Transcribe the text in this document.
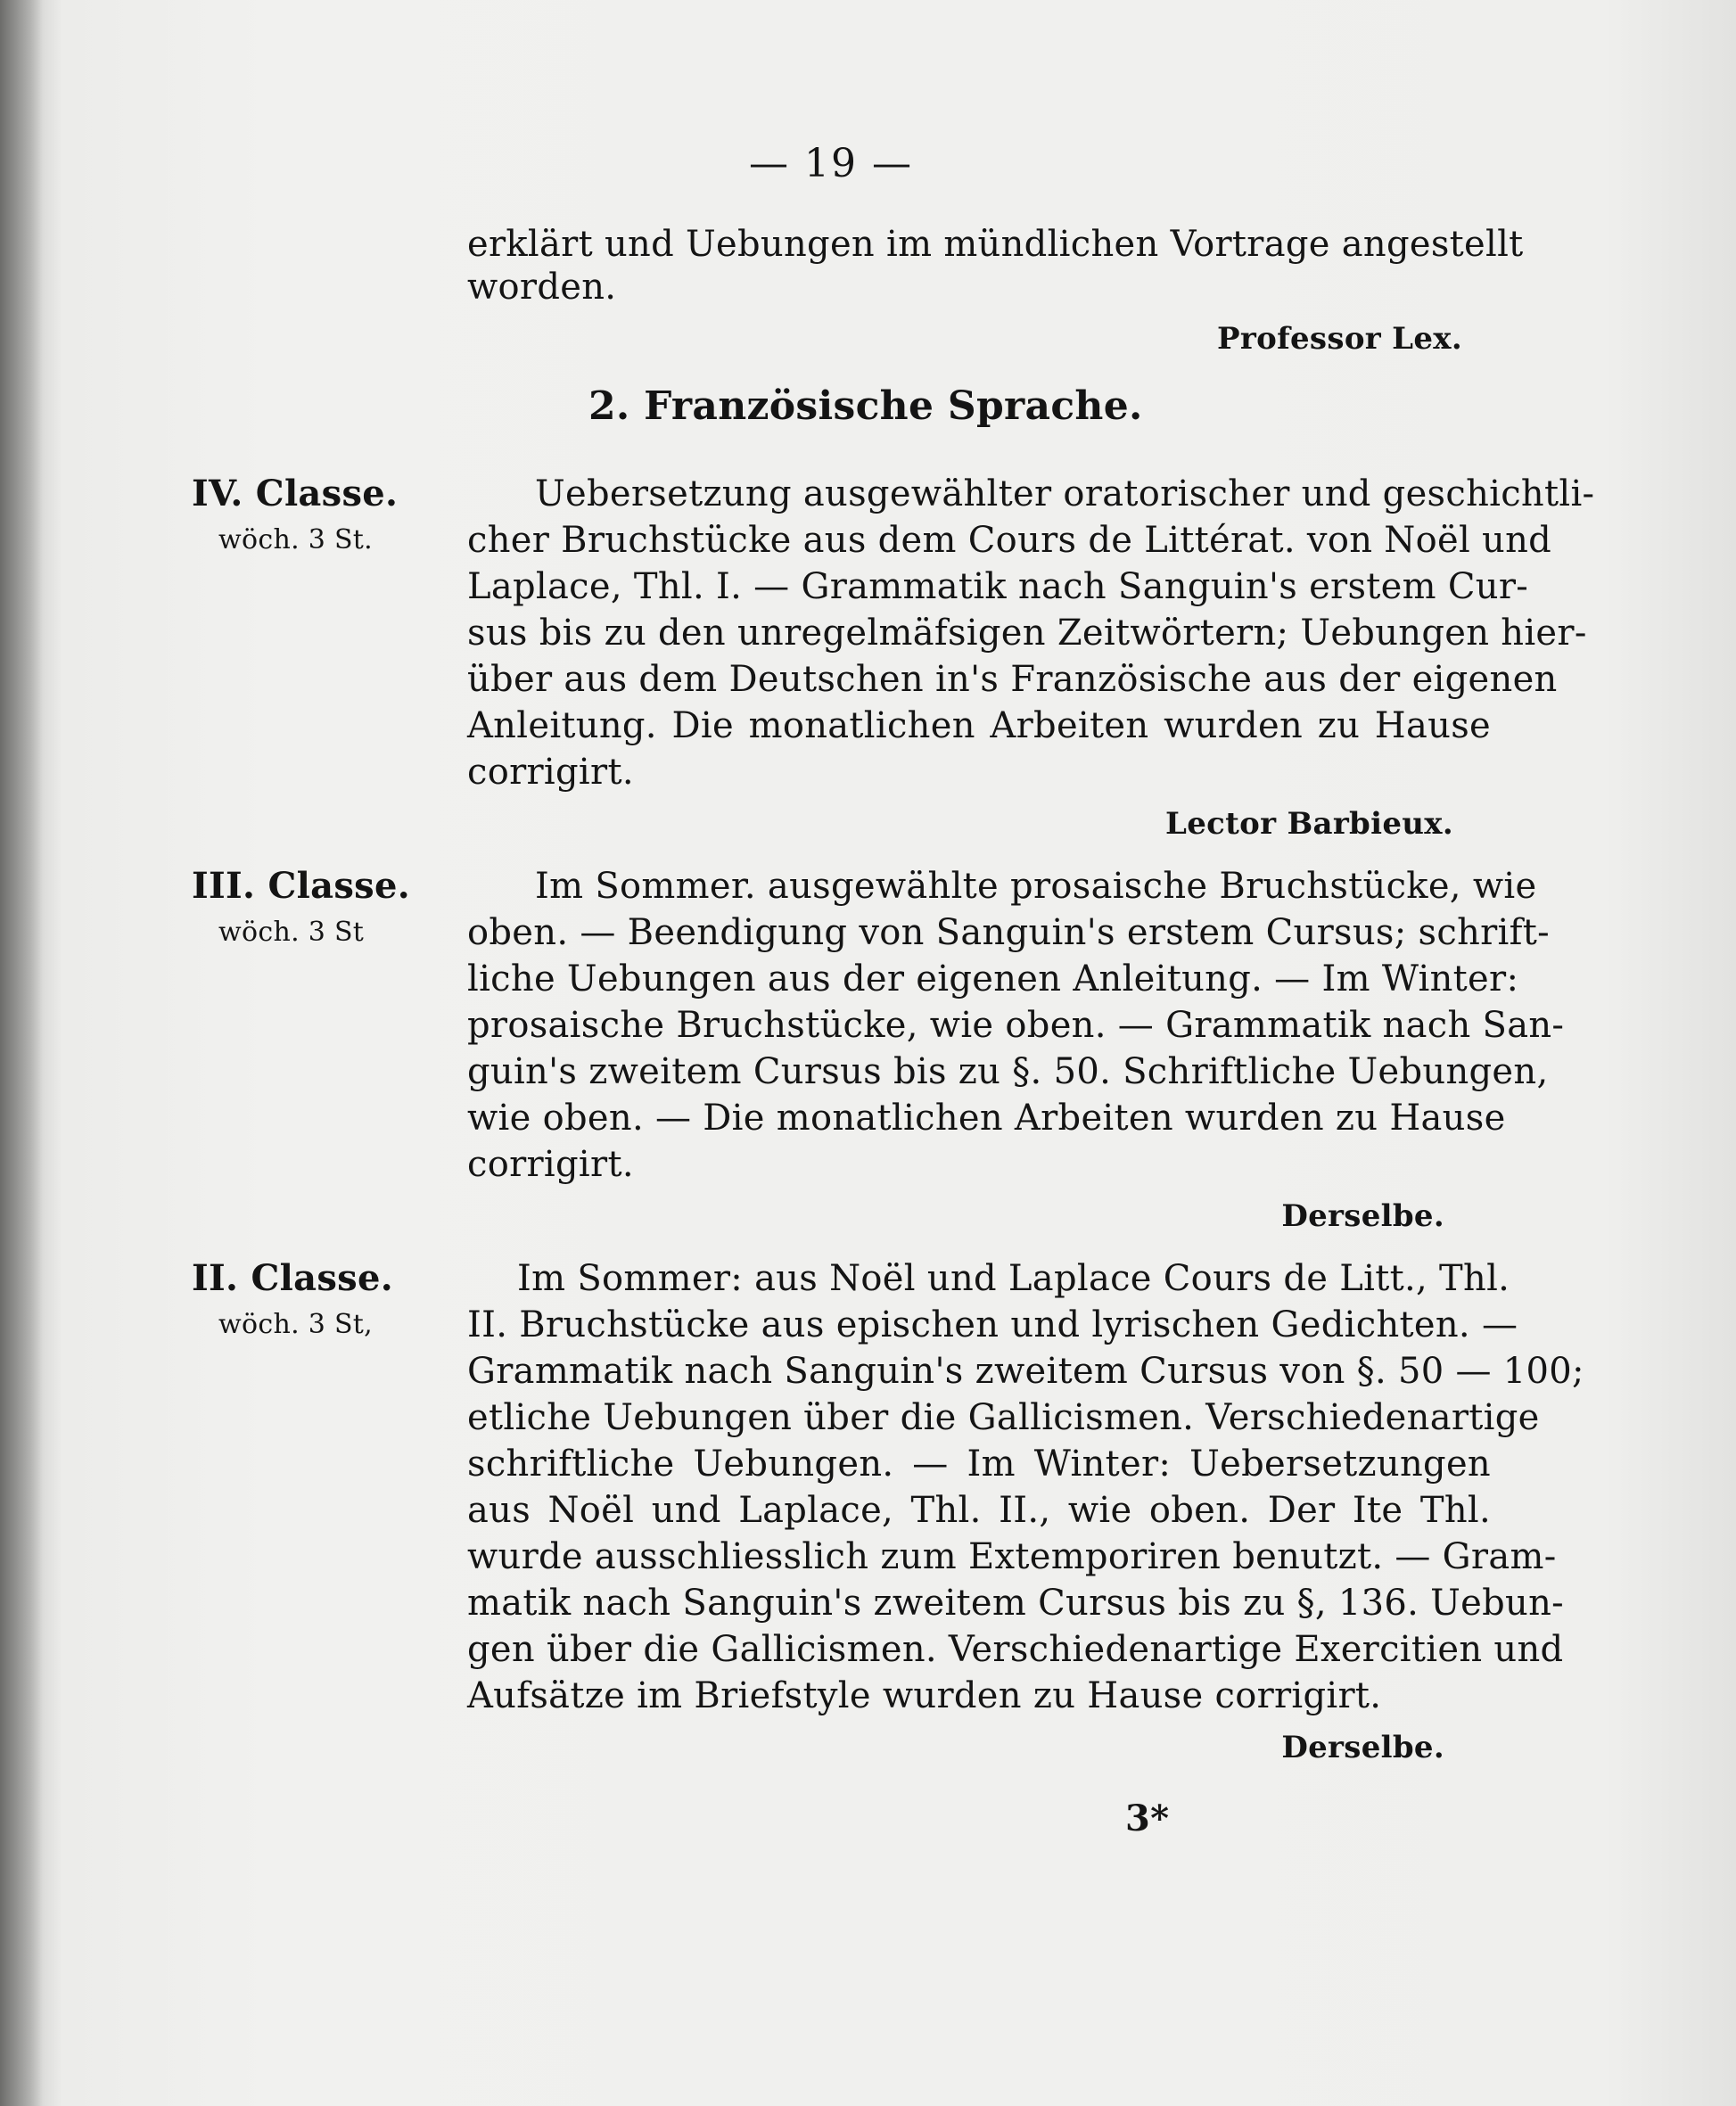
— 19 —
erklärt und Uebungen im mündlichen Vortrage angestellt
worden.
Professor Lex.
2. Französische Sprache.
IV. Classe.
wöch. 3 St.
Uebersetzung ausgewählter oratorischer und geschichtli-
cher Bruchstücke aus dem Cours de Littérat. von Noël und
Laplace, Thl. I. — Grammatik nach Sanguin's erstem Cur-
sus bis zu den unregelmäfsigen Zeitwörtern; Uebungen hier-
über aus dem Deutschen in's Französische aus der eigenen
Anleitung. Die monatlichen Arbeiten wurden zu Hause
corrigirt.
Lector Barbieux.
III. Classe.
wöch. 3 St
Im Sommer. ausgewählte prosaische Bruchstücke, wie
oben. — Beendigung von Sanguin's erstem Cursus; schrift-
liche Uebungen aus der eigenen Anleitung. — Im Winter:
prosaische Bruchstücke, wie oben. — Grammatik nach San-
guin's zweitem Cursus bis zu §. 50. Schriftliche Uebungen,
wie oben. — Die monatlichen Arbeiten wurden zu Hause
corrigirt.
Derselbe.
II. Classe.
wöch. 3 St,
Im Sommer: aus Noël und Laplace Cours de Litt., Thl.
II. Bruchstücke aus epischen und lyrischen Gedichten. —
Grammatik nach Sanguin's zweitem Cursus von §. 50 — 100;
etliche Uebungen über die Gallicismen. Verschiedenartige
schriftliche Uebungen. — Im Winter: Uebersetzungen
aus Noël und Laplace, Thl. II., wie oben. Der Ite Thl.
wurde ausschliesslich zum Extemporiren benutzt. — Gram-
matik nach Sanguin's zweitem Cursus bis zu §, 136. Uebun-
gen über die Gallicismen. Verschiedenartige Exercitien und
Aufsätze im Briefstyle wurden zu Hause corrigirt.
Derselbe.
3*
